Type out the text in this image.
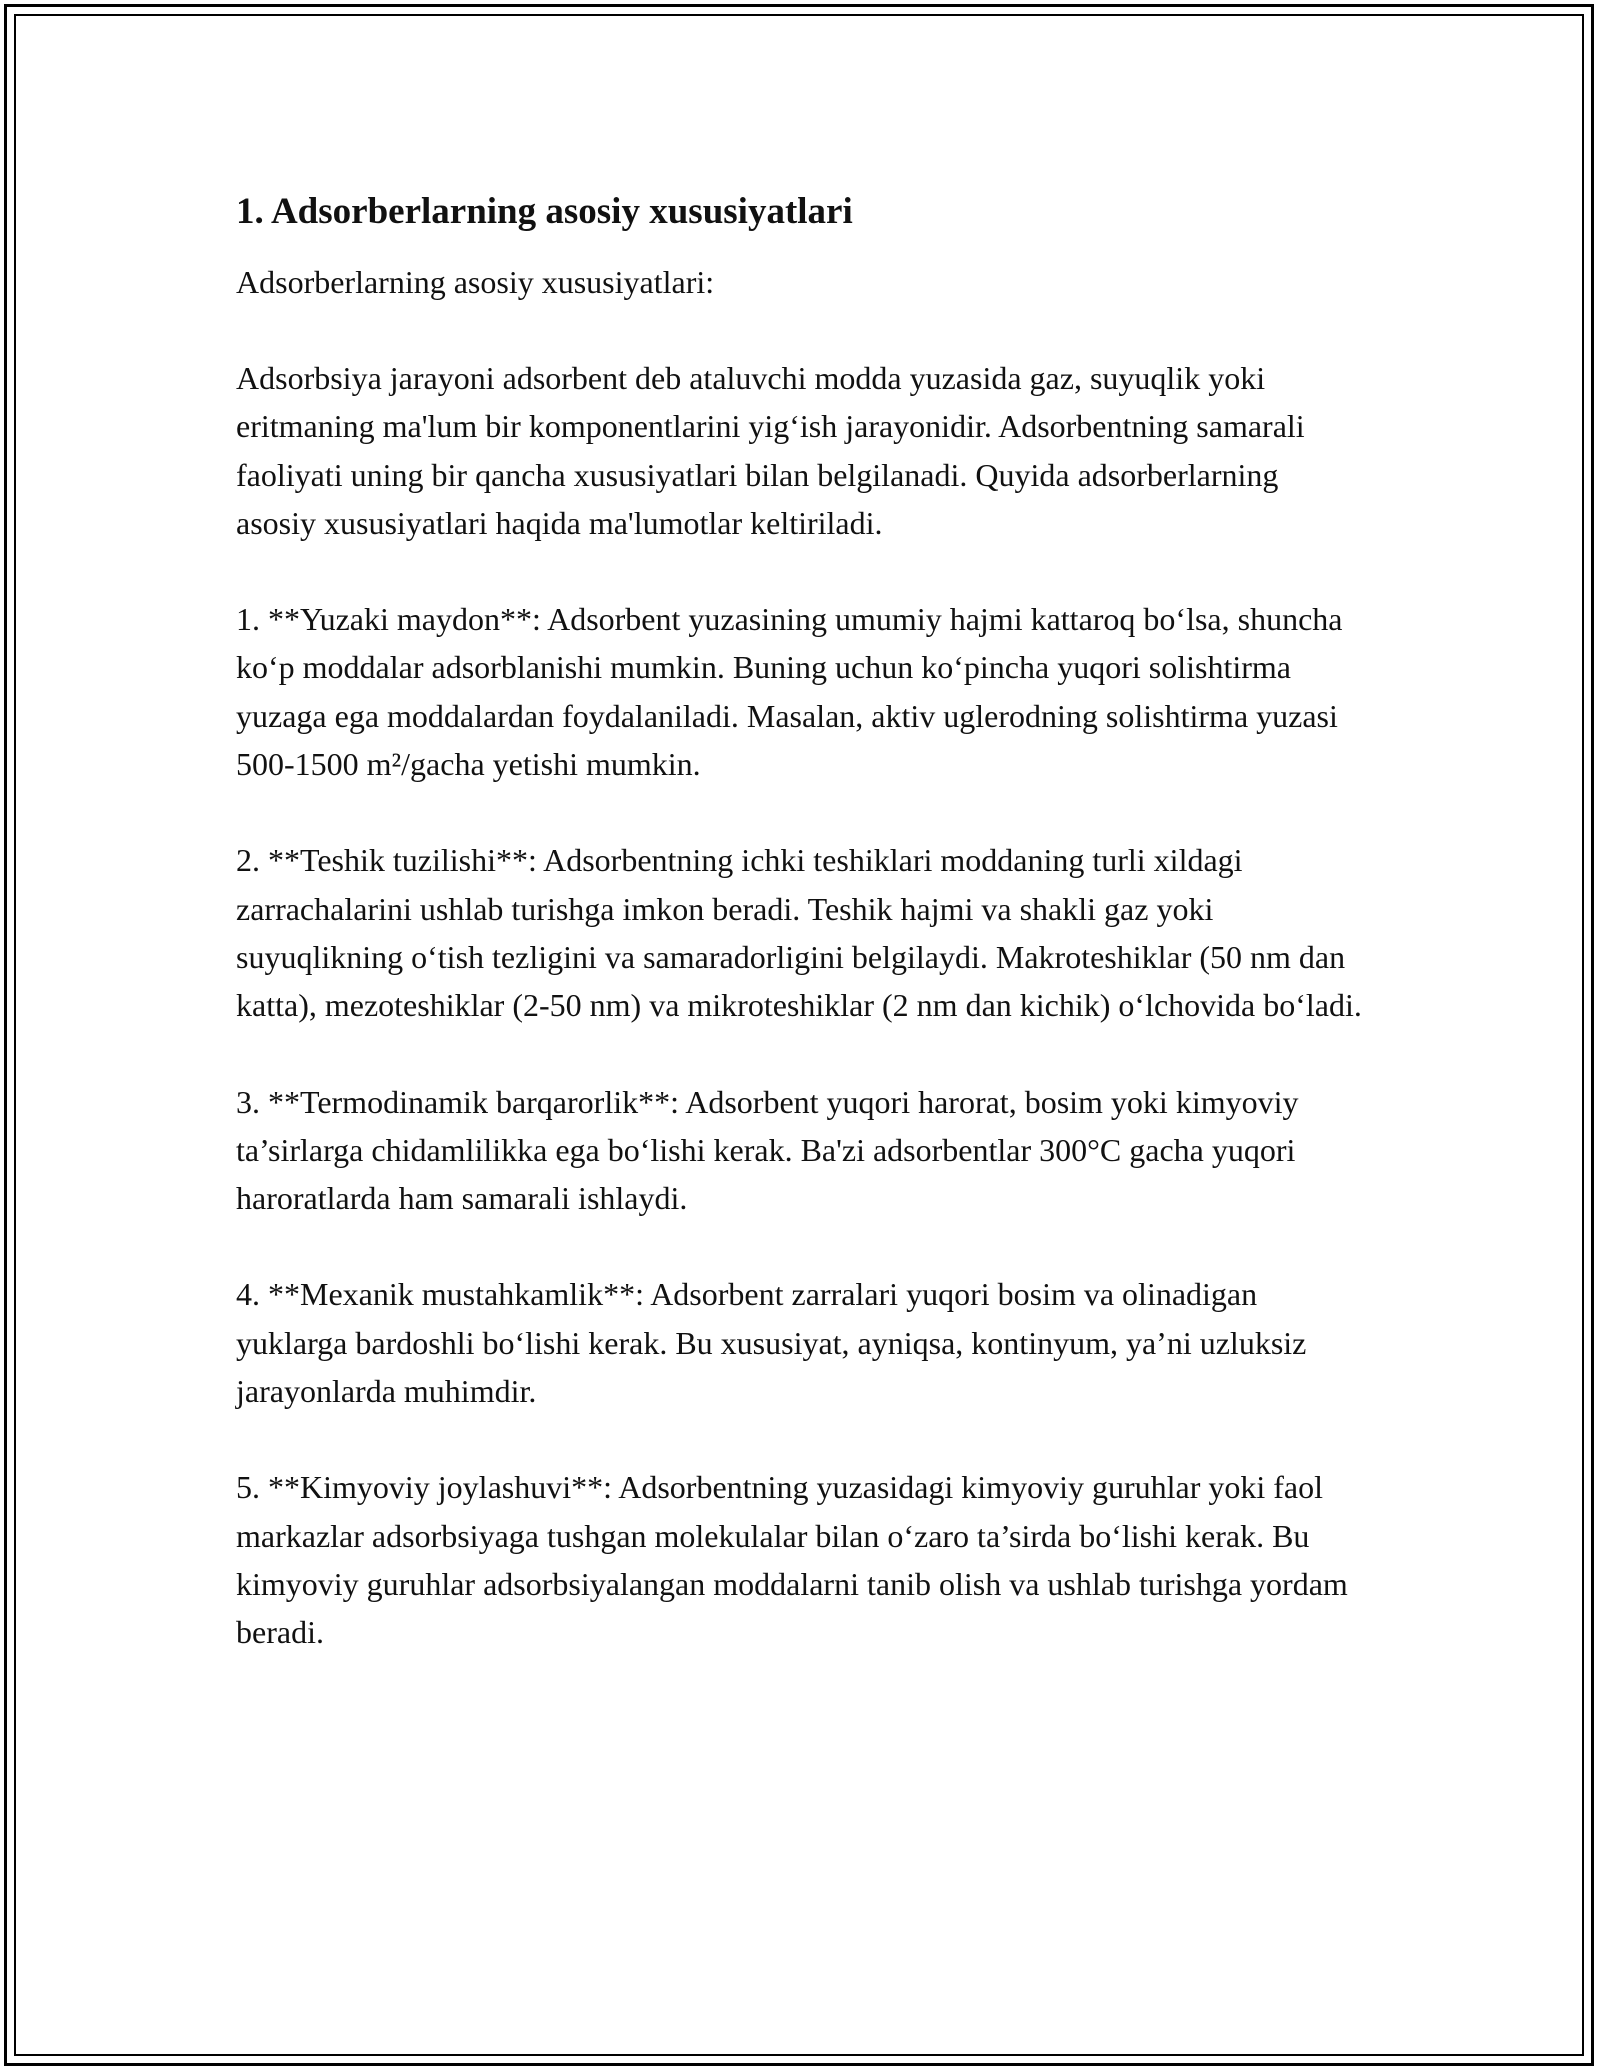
1. Adsorberlarning asosiy xususiyatlari

Adsorberlarning asosiy xususiyatlari:

Adsorbsiya jarayoni adsorbent deb ataluvchi modda yuzasida gaz, suyuqlik yoki eritmaning ma'lum bir komponentlarini yig‘ish jarayonidir. Adsorbentning samarali faoliyati uning bir qancha xususiyatlari bilan belgilanadi. Quyida adsorberlarning asosiy xususiyatlari haqida ma'lumotlar keltiriladi.

1. **Yuzaki maydon**: Adsorbent yuzasining umumiy hajmi kattaroq bo‘lsa, shuncha ko‘p moddalar adsorblanishi mumkin. Buning uchun ko‘pincha yuqori solishtirma yuzaga ega moddalardan foydalaniladi. Masalan, aktiv uglerodning solishtirma yuzasi 500-1500 m²/gacha yetishi mumkin.

2. **Teshik tuzilishi**: Adsorbentning ichki teshiklari moddaning turli xildagi zarrachalarini ushlab turishga imkon beradi. Teshik hajmi va shakli gaz yoki suyuqlikning o‘tish tezligini va samaradorligini belgilaydi. Makroteshiklar (50 nm dan katta), mezoteshiklar (2-50 nm) va mikroteshiklar (2 nm dan kichik) o‘lchovida bo‘ladi.

3. **Termodinamik barqarorlik**: Adsorbent yuqori harorat, bosim yoki kimyoviy ta’sirlarga chidamlilikka ega bo‘lishi kerak. Ba'zi adsorbentlar 300°C gacha yuqori haroratlarda ham samarali ishlaydi.

4. **Mexanik mustahkamlik**: Adsorbent zarralari yuqori bosim va olinadigan yuklarga bardoshli bo‘lishi kerak. Bu xususiyat, ayniqsa, kontinyum, ya’ni uzluksiz jarayonlarda muhimdir.

5. **Kimyoviy joylashuvi**: Adsorbentning yuzasidagi kimyoviy guruhlar yoki faol markazlar adsorbsiyaga tushgan molekulalar bilan o‘zaro ta’sirda bo‘lishi kerak. Bu kimyoviy guruhlar adsorbsiyalangan moddalarni tanib olish va ushlab turishga yordam beradi.
